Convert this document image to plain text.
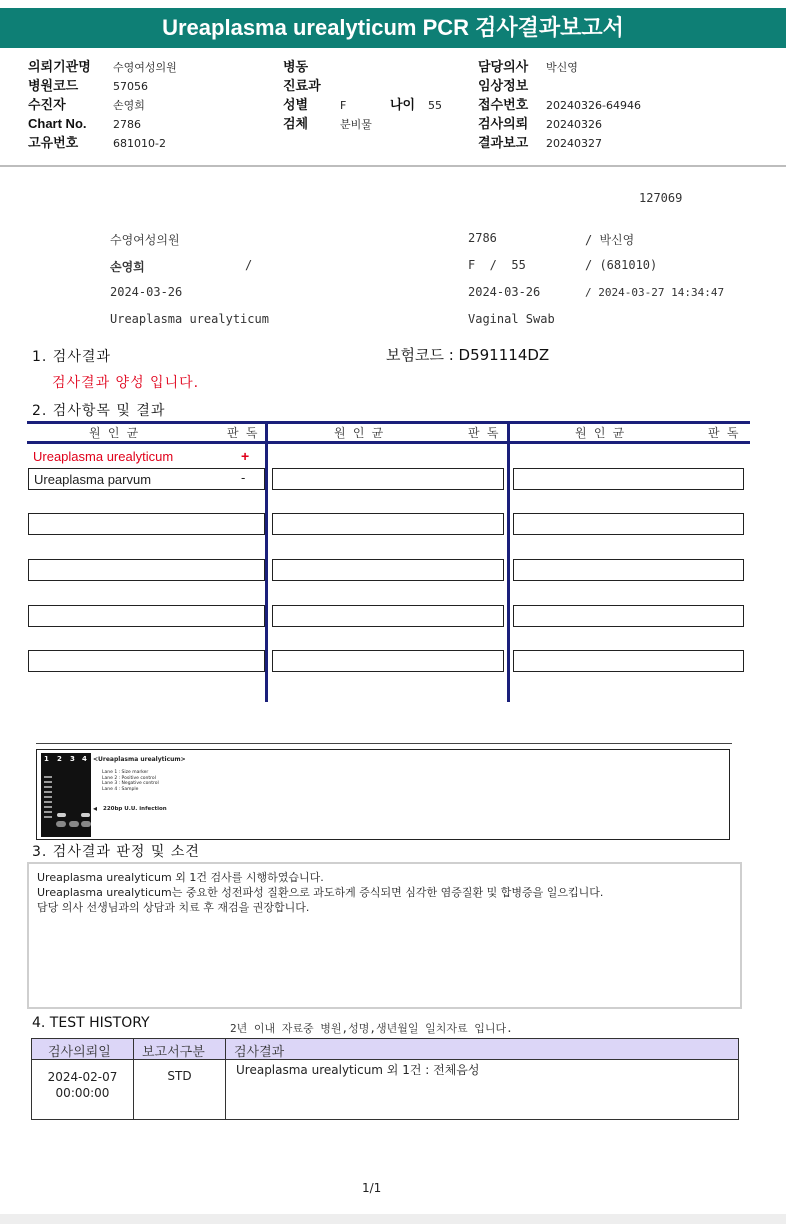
Ureaplasma urealyticum PCR 검사결과보고서
의뢰기관명 수영여성의원
병원코드	57056
수진자	손영희
Chart No. 2786
고유번호	681010-2
병동
진료과
성별	F	나이 55
검체	분비물
담당의사 박신영
임상정보
접수번호 20240326-64946
검사의뢰 20240326
결과보고 20240327
127069
수영여성의원	2786	/ 박신영
손영희	/	F  /  55	/ (681010)
2024-03-26	2024-03-26	/ 2024-03-27 14:34:47
Ureaplasma urealyticum	Vaginal Swab
1. 검사결과	보험코드 : D591114DZ
검사결과 양성 입니다.
2. 검사항목 및 결과
원 인 균	판 독	원 인 균	판 독	원 인 균	판 독
Ureaplasma urealyticum	+
Ureaplasma parvum	-
1 2 3 4 <Ureaplasma urealyticum>
Lane 1 : Size marker
Lane 2 : Positive control
Lane 3 : Negative control
Lane 4 : Sample
◂ 220bp U.U. infection
3. 검사결과 판정 및 소견
Ureaplasma urealyticum 외 1건 검사를 시행하였습니다.
Ureaplasma urealyticum는 중요한 성전파성 질환으로 과도하게 증식되면 심각한 염증질환 및 합병증을 일으킵니다.
담당 의사 선생님과의 상담과 치료 후 재검을 권장합니다.
4. TEST HISTORY	2년 이내 자료중 병원,성명,생년월일 일치자료 입니다.
검사의뢰일 보고서구분 검사결과
2024-02-07
00:00:00
STD	Ureaplasma urealyticum 외 1건 : 전체음성
1/1
